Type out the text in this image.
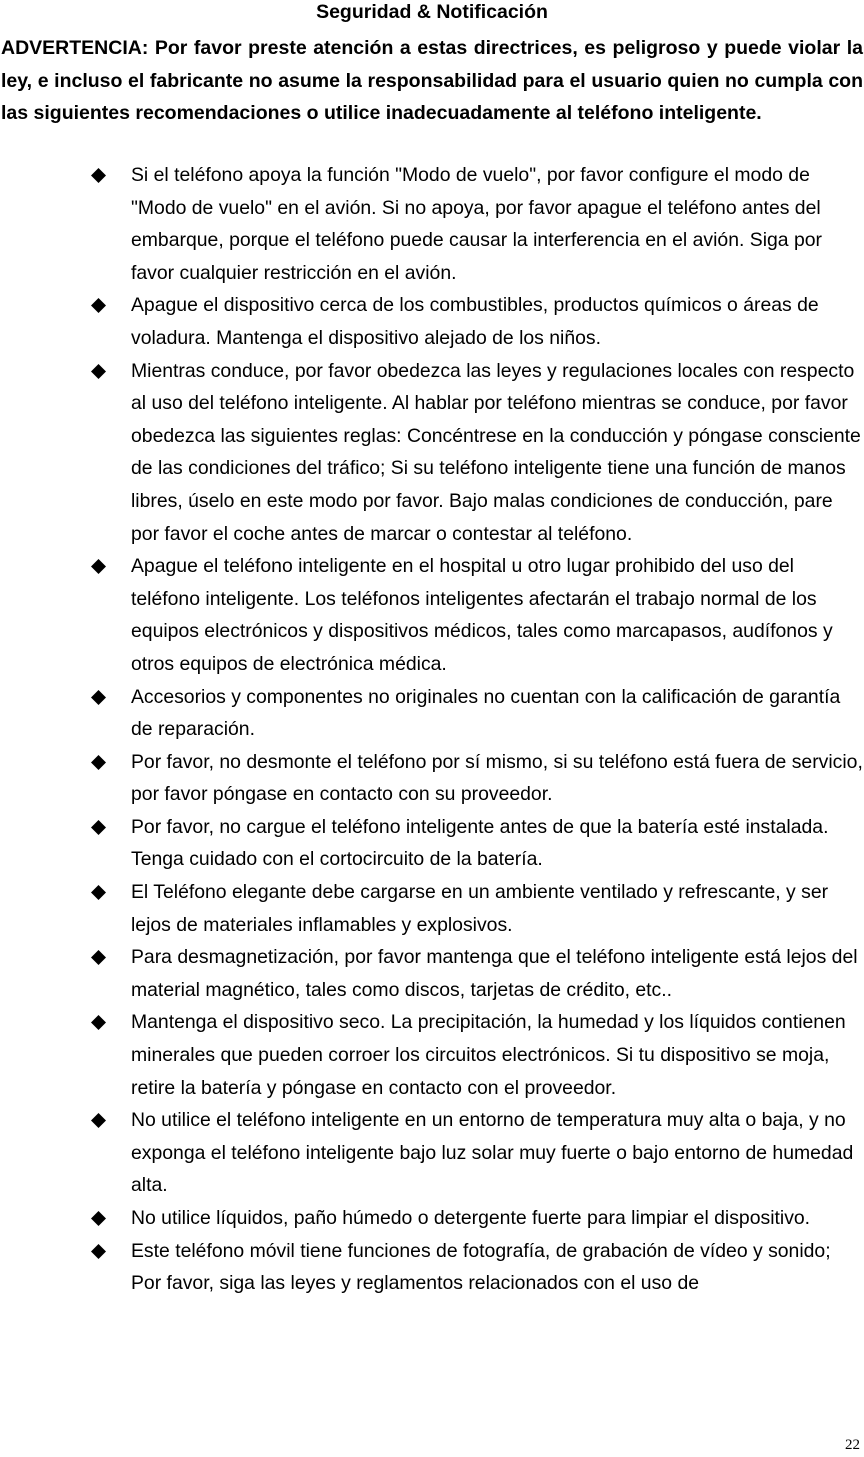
Seguridad & Notificación

ADVERTENCIA: Por favor preste atención a estas directrices, es peligroso y puede violar la ley, e incluso el fabricante no asume la responsabilidad para el usuario quien no cumpla con las siguientes recomendaciones o utilice inadecuadamente al teléfono inteligente.

Si el teléfono apoya la función "Modo de vuelo", por favor configure el modo de "Modo de vuelo" en el avión. Si no apoya, por favor apague el teléfono antes del embarque, porque el teléfono puede causar la interferencia en el avión. Siga por favor cualquier restricción en el avión.
Apague el dispositivo cerca de los combustibles, productos químicos o áreas de voladura. Mantenga el dispositivo alejado de los niños.
Mientras conduce, por favor obedezca las leyes y regulaciones locales con respecto al uso del teléfono inteligente. Al hablar por teléfono mientras se conduce, por favor obedezca las siguientes reglas: Concéntrese en la conducción y póngase consciente de las condiciones del tráfico; Si su teléfono inteligente tiene una función de manos libres, úselo en este modo por favor. Bajo malas condiciones de conducción, pare por favor el coche antes de marcar o contestar al teléfono.
Apague el teléfono inteligente en el hospital u otro lugar prohibido del uso del teléfono inteligente. Los teléfonos inteligentes afectarán el trabajo normal de los equipos electrónicos y dispositivos médicos, tales como marcapasos, audífonos y otros equipos de electrónica médica.
Accesorios y componentes no originales no cuentan con la calificación de garantía de reparación.
Por favor, no desmonte el teléfono por sí mismo, si su teléfono está fuera de servicio, por favor póngase en contacto con su proveedor.
Por favor, no cargue el teléfono inteligente antes de que la batería esté instalada. Tenga cuidado con el cortocircuito de la batería.
El Teléfono elegante debe cargarse en un ambiente ventilado y refrescante, y ser lejos de materiales inflamables y explosivos.
Para desmagnetización, por favor mantenga que el teléfono inteligente está lejos del material magnético, tales como discos, tarjetas de crédito, etc..
Mantenga el dispositivo seco. La precipitación, la humedad y los líquidos contienen minerales que pueden corroer los circuitos electrónicos. Si tu dispositivo se moja, retire la batería y póngase en contacto con el proveedor.
No utilice el teléfono inteligente en un entorno de temperatura muy alta o baja, y no exponga el teléfono inteligente bajo luz solar muy fuerte o bajo entorno de humedad alta.
No utilice líquidos, paño húmedo o detergente fuerte para limpiar el dispositivo.
Este teléfono móvil tiene funciones de fotografía, de grabación de vídeo y sonido; Por favor, siga las leyes y reglamentos relacionados con el uso de
22
